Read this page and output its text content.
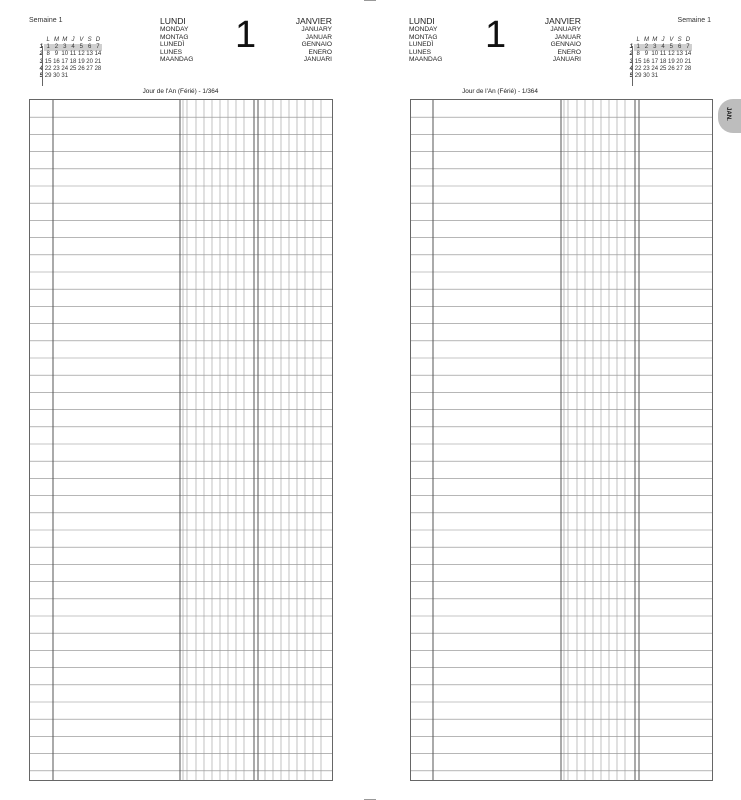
Semaine 1
L M M J V S D
1 1 2 3 4 5 6 7
2 8 9 10 11 12 13 14
3 15 16 17 18 19 20 21
4 22 23 24 25 26 27 28
5 29 30 31
LUNDI
MONDAY
MONTAG
LUNEDÌ
LUNES
MAANDAG
1	JANVIER
JANUARY
JANUAR
GENNAIO
ENERO
JANUARI
Jour de l'An (Férié) - 1/364
LUNDI
MONDAY
MONTAG
LUNEDÌ
LUNES
MAANDAG
1	JANVIER
JANUARY
JANUAR
GENNAIO
ENERO
JANUARI
Semaine 1
L M M J V S D
1 1 2 3 4 5 6 7
2 8 9 10 11 12 13 14
3 15 16 17 18 19 20 21
4 22 23 24 25 26 27 28
5 29 30 31
Jour de l'An (Férié) - 1/364
JAN.
